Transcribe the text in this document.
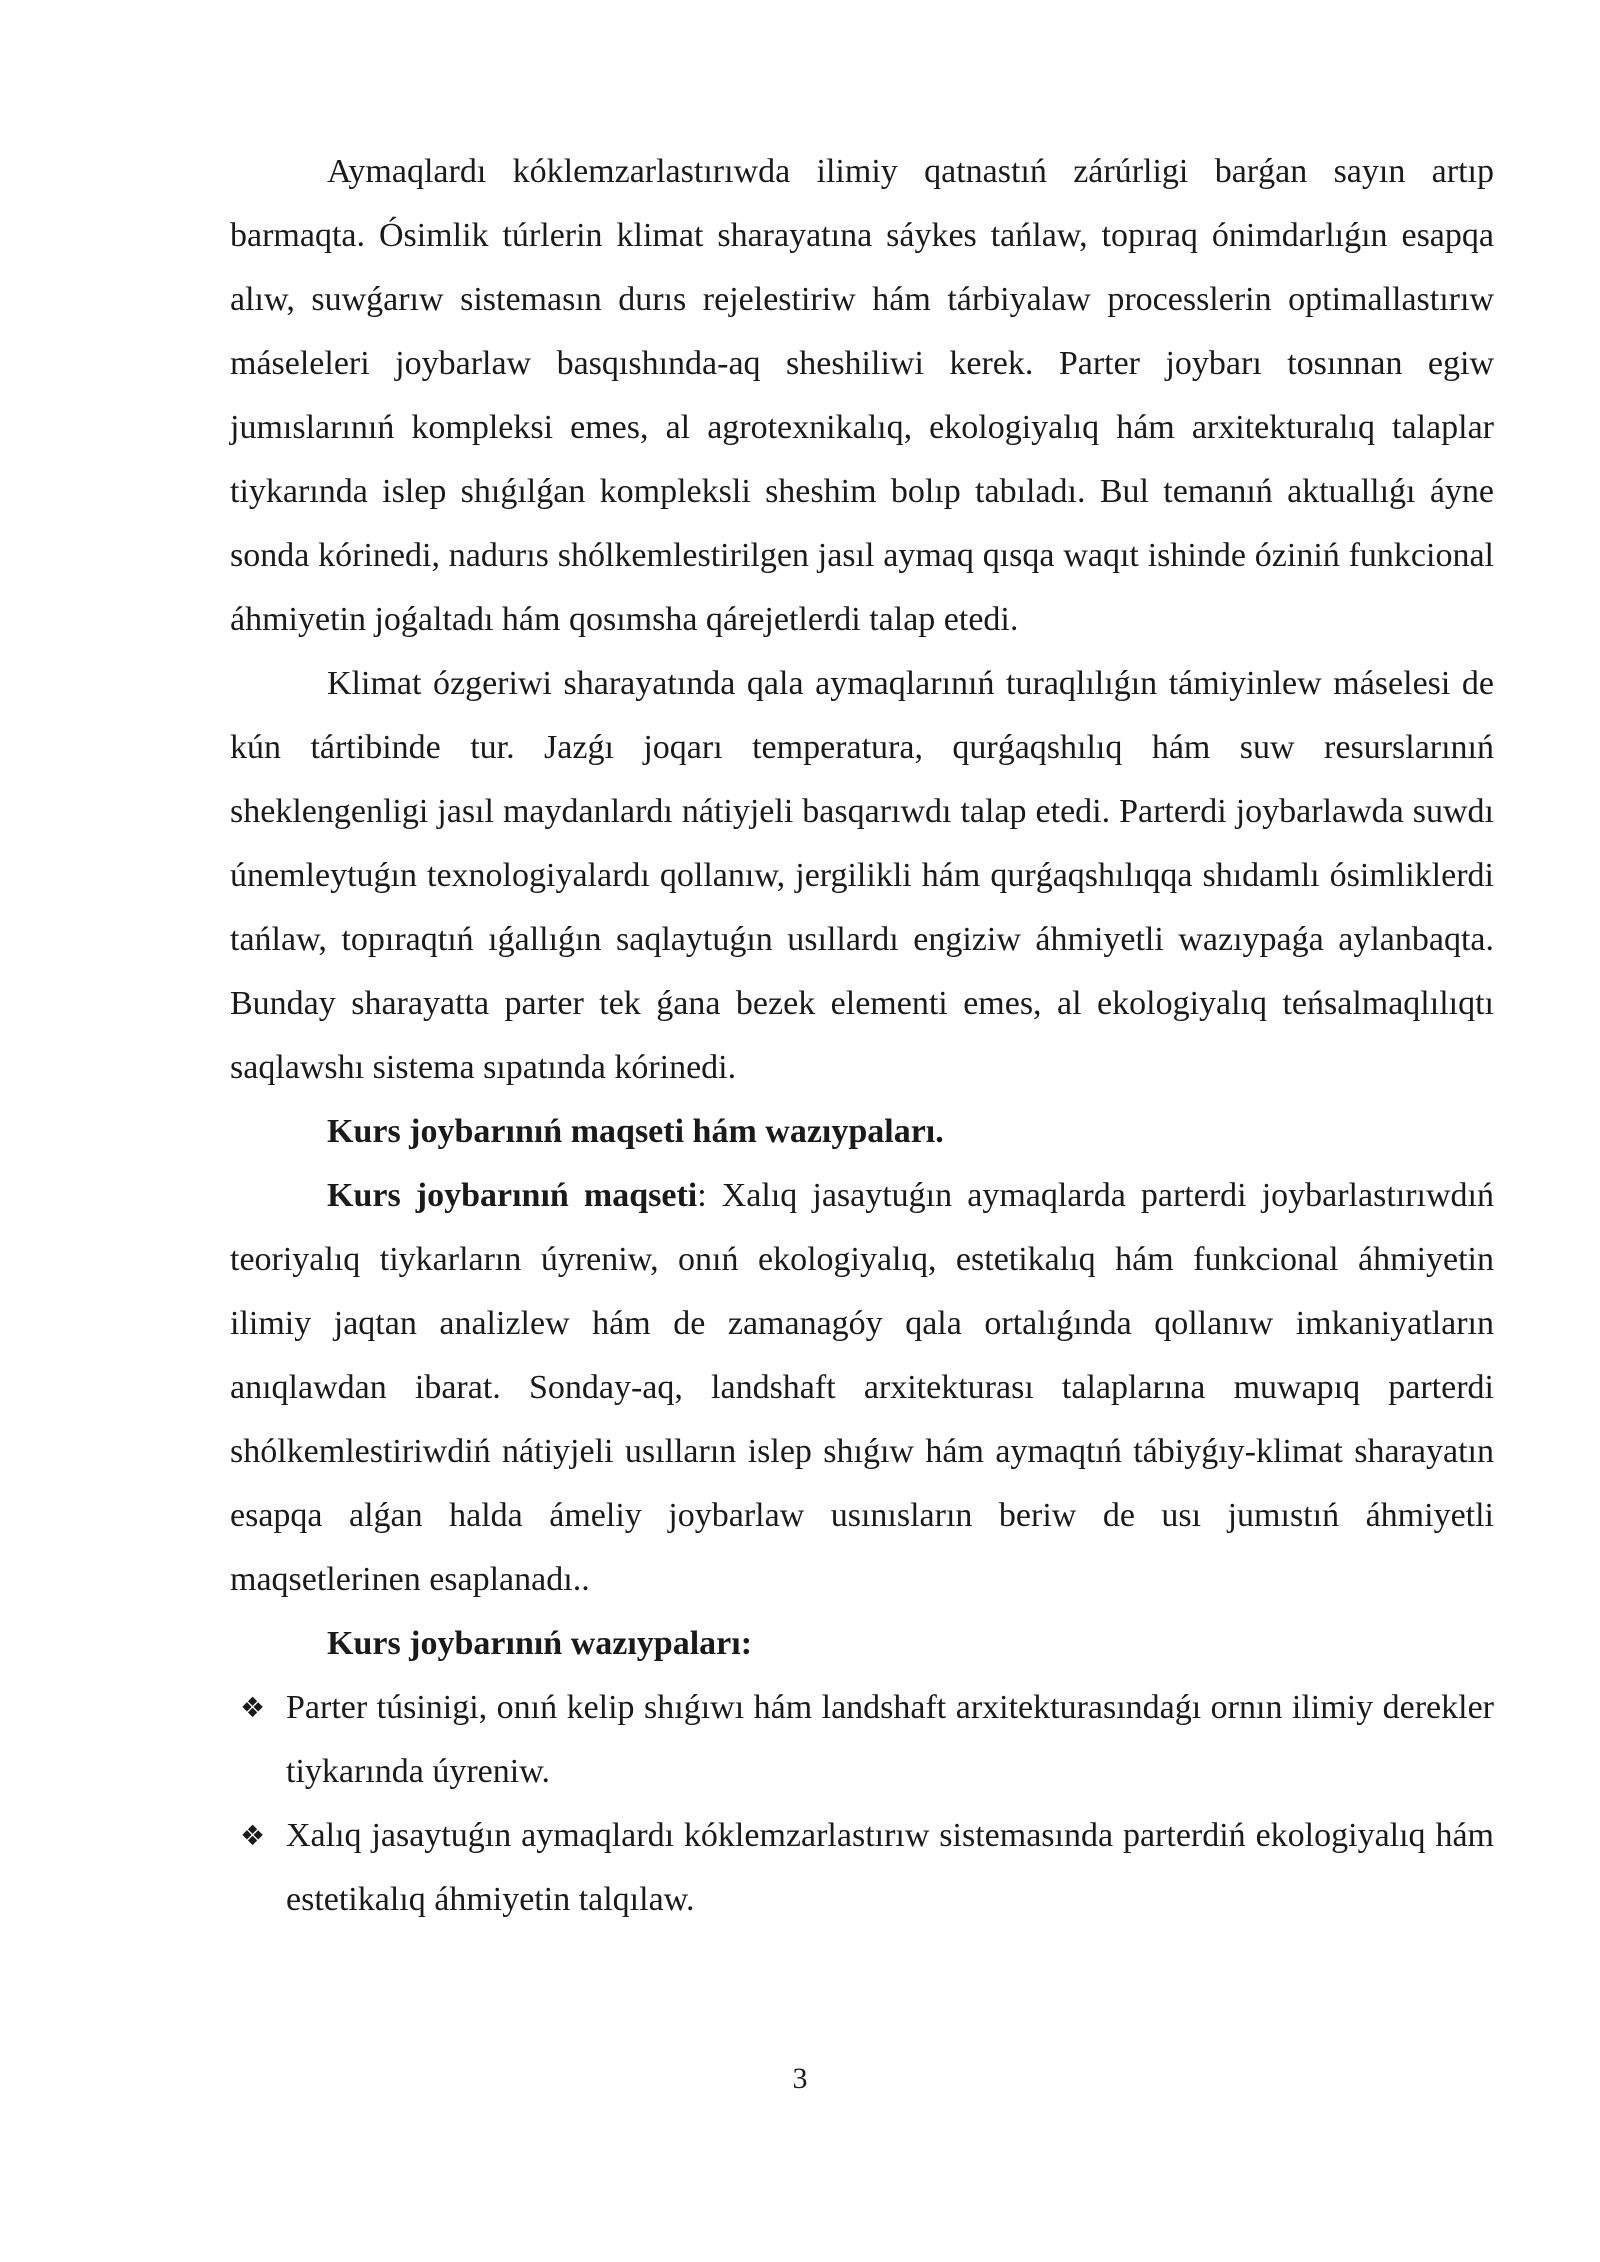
Aymaqlardı kóklemzarlastırıwda ilimiy qatnastıń zárúrligi barǵan sayın artıp barmaqta. Ósimlik túrlerin klimat sharayatına sáykes tańlaw, topıraq ónimdarlıǵın esapqa alıw, suwǵarıw sistemasın durıs rejelestiriw hám tárbiyalaw processlerin optimallastırıw máseleleri joybarlaw basqıshında-aq sheshiliwi kerek. Parter joybarı tosınnan egiw jumıslarınıń kompleksi emes, al agrotexnikalıq, ekologiyalıq hám arxitekturalıq talaplar tiykarında islep shıǵılǵan kompleksli sheshim bolıp tabıladı. Bul temanıń aktuallıǵı áyne sonda kórinedi, nadurıs shólkemlestirilgen jasıl aymaq qısqa waqıt ishinde óziniń funkcional áhmiyetin joǵaltadı hám qosımsha qárejetlerdi talap etedi.

Klimat ózgeriwi sharayatında qala aymaqlarınıń turaqlılıǵın támiyinlew máselesi de kún tártibinde tur. Jazǵı joqarı temperatura, qurǵaqshılıq hám suw resurslarınıń sheklengenligi jasıl maydanlardı nátiyjeli basqarıwdı talap etedi. Parterdi joybarlawda suwdı únemleytuǵın texnologiyalardı qollanıw, jergilikli hám qurǵaqshılıqqa shıdamlı ósimliklerdi tańlaw, topıraqtıń ıǵallıǵın saqlaytuǵın usıllardı engiziw áhmiyetli wazıypaǵa aylanbaqta. Bunday sharayatta parter tek ǵana bezek elementi emes, al ekologiyalıq teńsalmaqlılıqtı saqlawshı sistema sıpatında kórinedi.

Kurs joybarınıń maqseti hám wazıypaları.

Kurs joybarınıń maqseti: Xalıq jasaytuǵın aymaqlarda parterdi joybarlastırıwdıń teoriyalıq tiykarların úyreniw, onıń ekologiyalıq, estetikalıq hám funkcional áhmiyetin ilimiy jaqtan analizlew hám de zamanagóy qala ortalıǵında qollanıw imkaniyatların anıqlawdan ibarat. Sonday-aq, landshaft arxitekturası talaplarına muwapıq parterdi shólkemlestiriwdiń nátiyjeli usılların islep shıǵıw hám aymaqtıń tábiyǵıy-klimat sharayatın esapqa alǵan halda ámeliy joybarlaw usınısların beriw de usı jumıstıń áhmiyetli maqsetlerinen esaplanadı..

Kurs joybarınıń wazıypaları:

❖ Parter túsinigi, onıń kelip shıǵıwı hám landshaft arxitekturasındaǵı ornın ilimiy derekler tiykarında úyreniw.
❖ Xalıq jasaytuǵın aymaqlardı kóklemzarlastırıw sistemasında parterdiń ekologiyalıq hám estetikalıq áhmiyetin talqılaw.
3
